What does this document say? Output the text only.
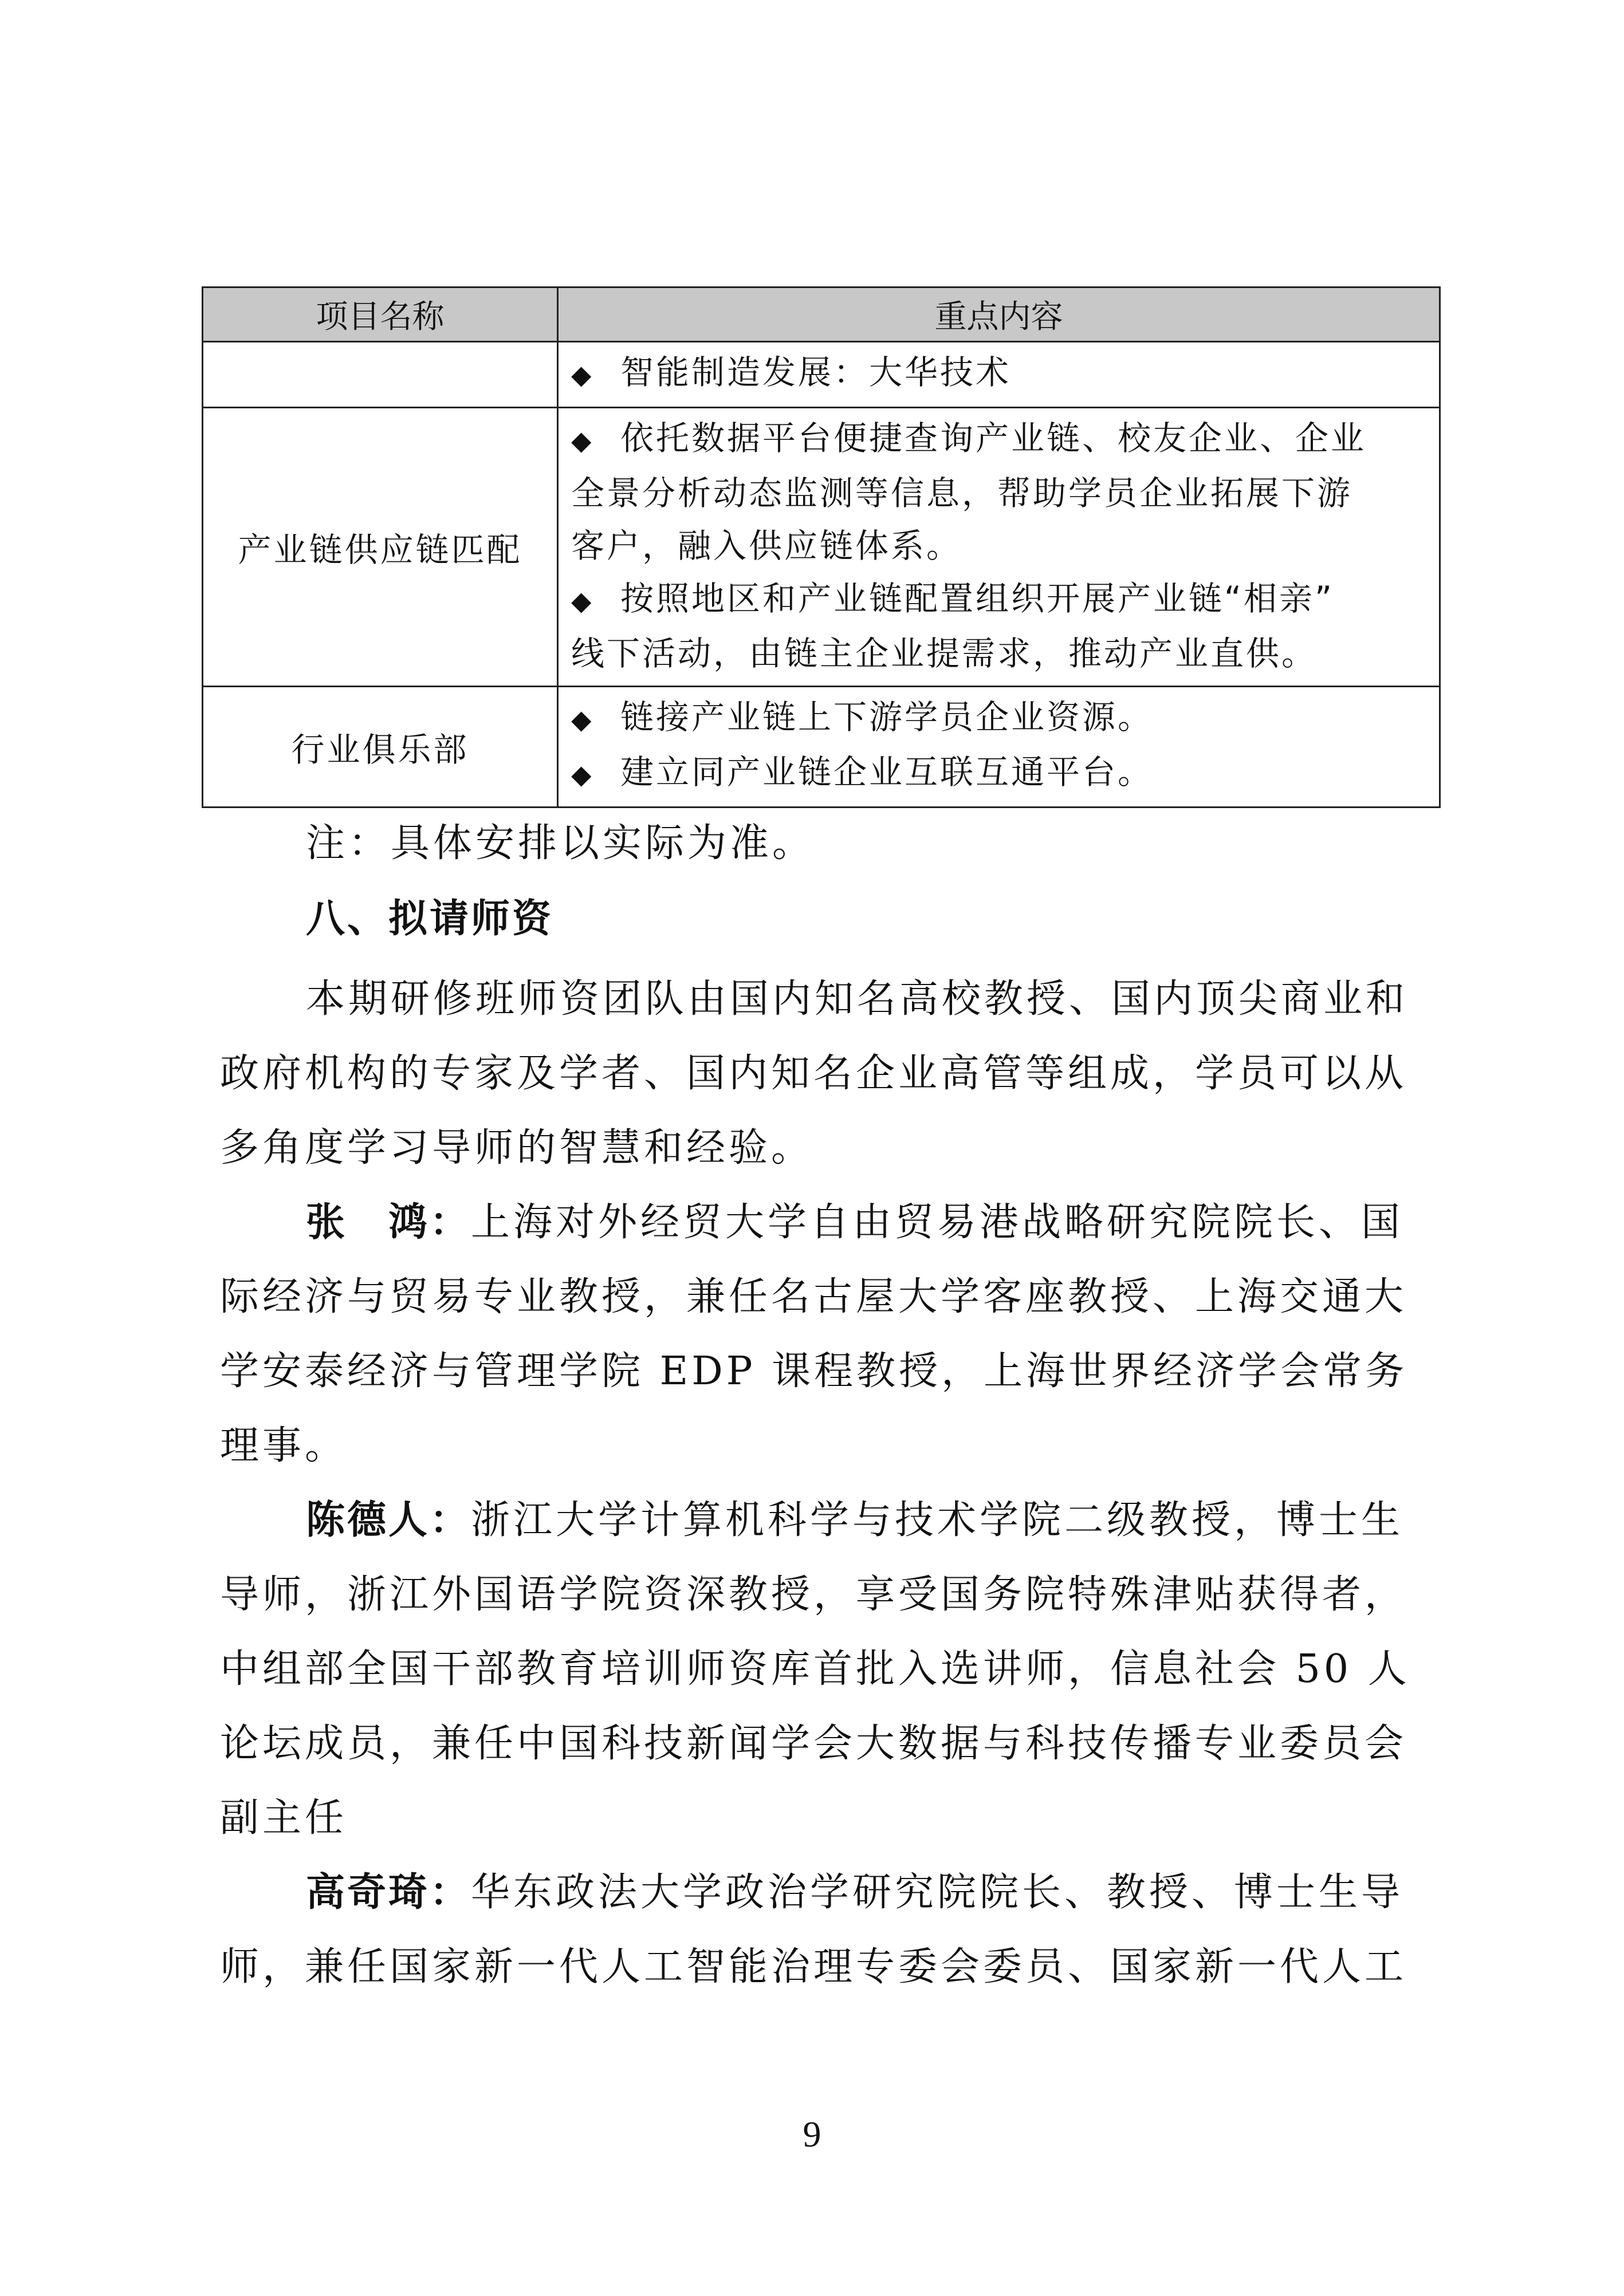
项目名称	重点内容

	◆ 智能制造发展：大华技术

产业链供应链匹配	◆ 依托数据平台便捷查询产业链、校友企业、企业
全景分析动态监测等信息，帮助学员企业拓展下游
客户，融入供应链体系。
◆ 按照地区和产业链配置组织开展产业链“相亲”
线下活动，由链主企业提需求，推动产业直供。

行业俱乐部	◆ 链接产业链上下游学员企业资源。
◆ 建立同产业链企业互联互通平台。
注：具体安排以实际为准。
八、拟请师资
本期研修班师资团队由国内知名高校教授、国内顶尖商业和
政府机构的专家及学者、国内知名企业高管等组成，学员可以从
多角度学习导师的智慧和经验。
张　鸿：上海对外经贸大学自由贸易港战略研究院院长、国
际经济与贸易专业教授，兼任名古屋大学客座教授、上海交通大
学安泰经济与管理学院 EDP 课程教授，上海世界经济学会常务
理事。
陈德人：浙江大学计算机科学与技术学院二级教授，博士生
导师，浙江外国语学院资深教授，享受国务院特殊津贴获得者，
中组部全国干部教育培训师资库首批入选讲师，信息社会 50 人
论坛成员，兼任中国科技新闻学会大数据与科技传播专业委员会
副主任
高奇琦：华东政法大学政治学研究院院长、教授、博士生导
师，兼任国家新一代人工智能治理专委会委员、国家新一代人工
9
